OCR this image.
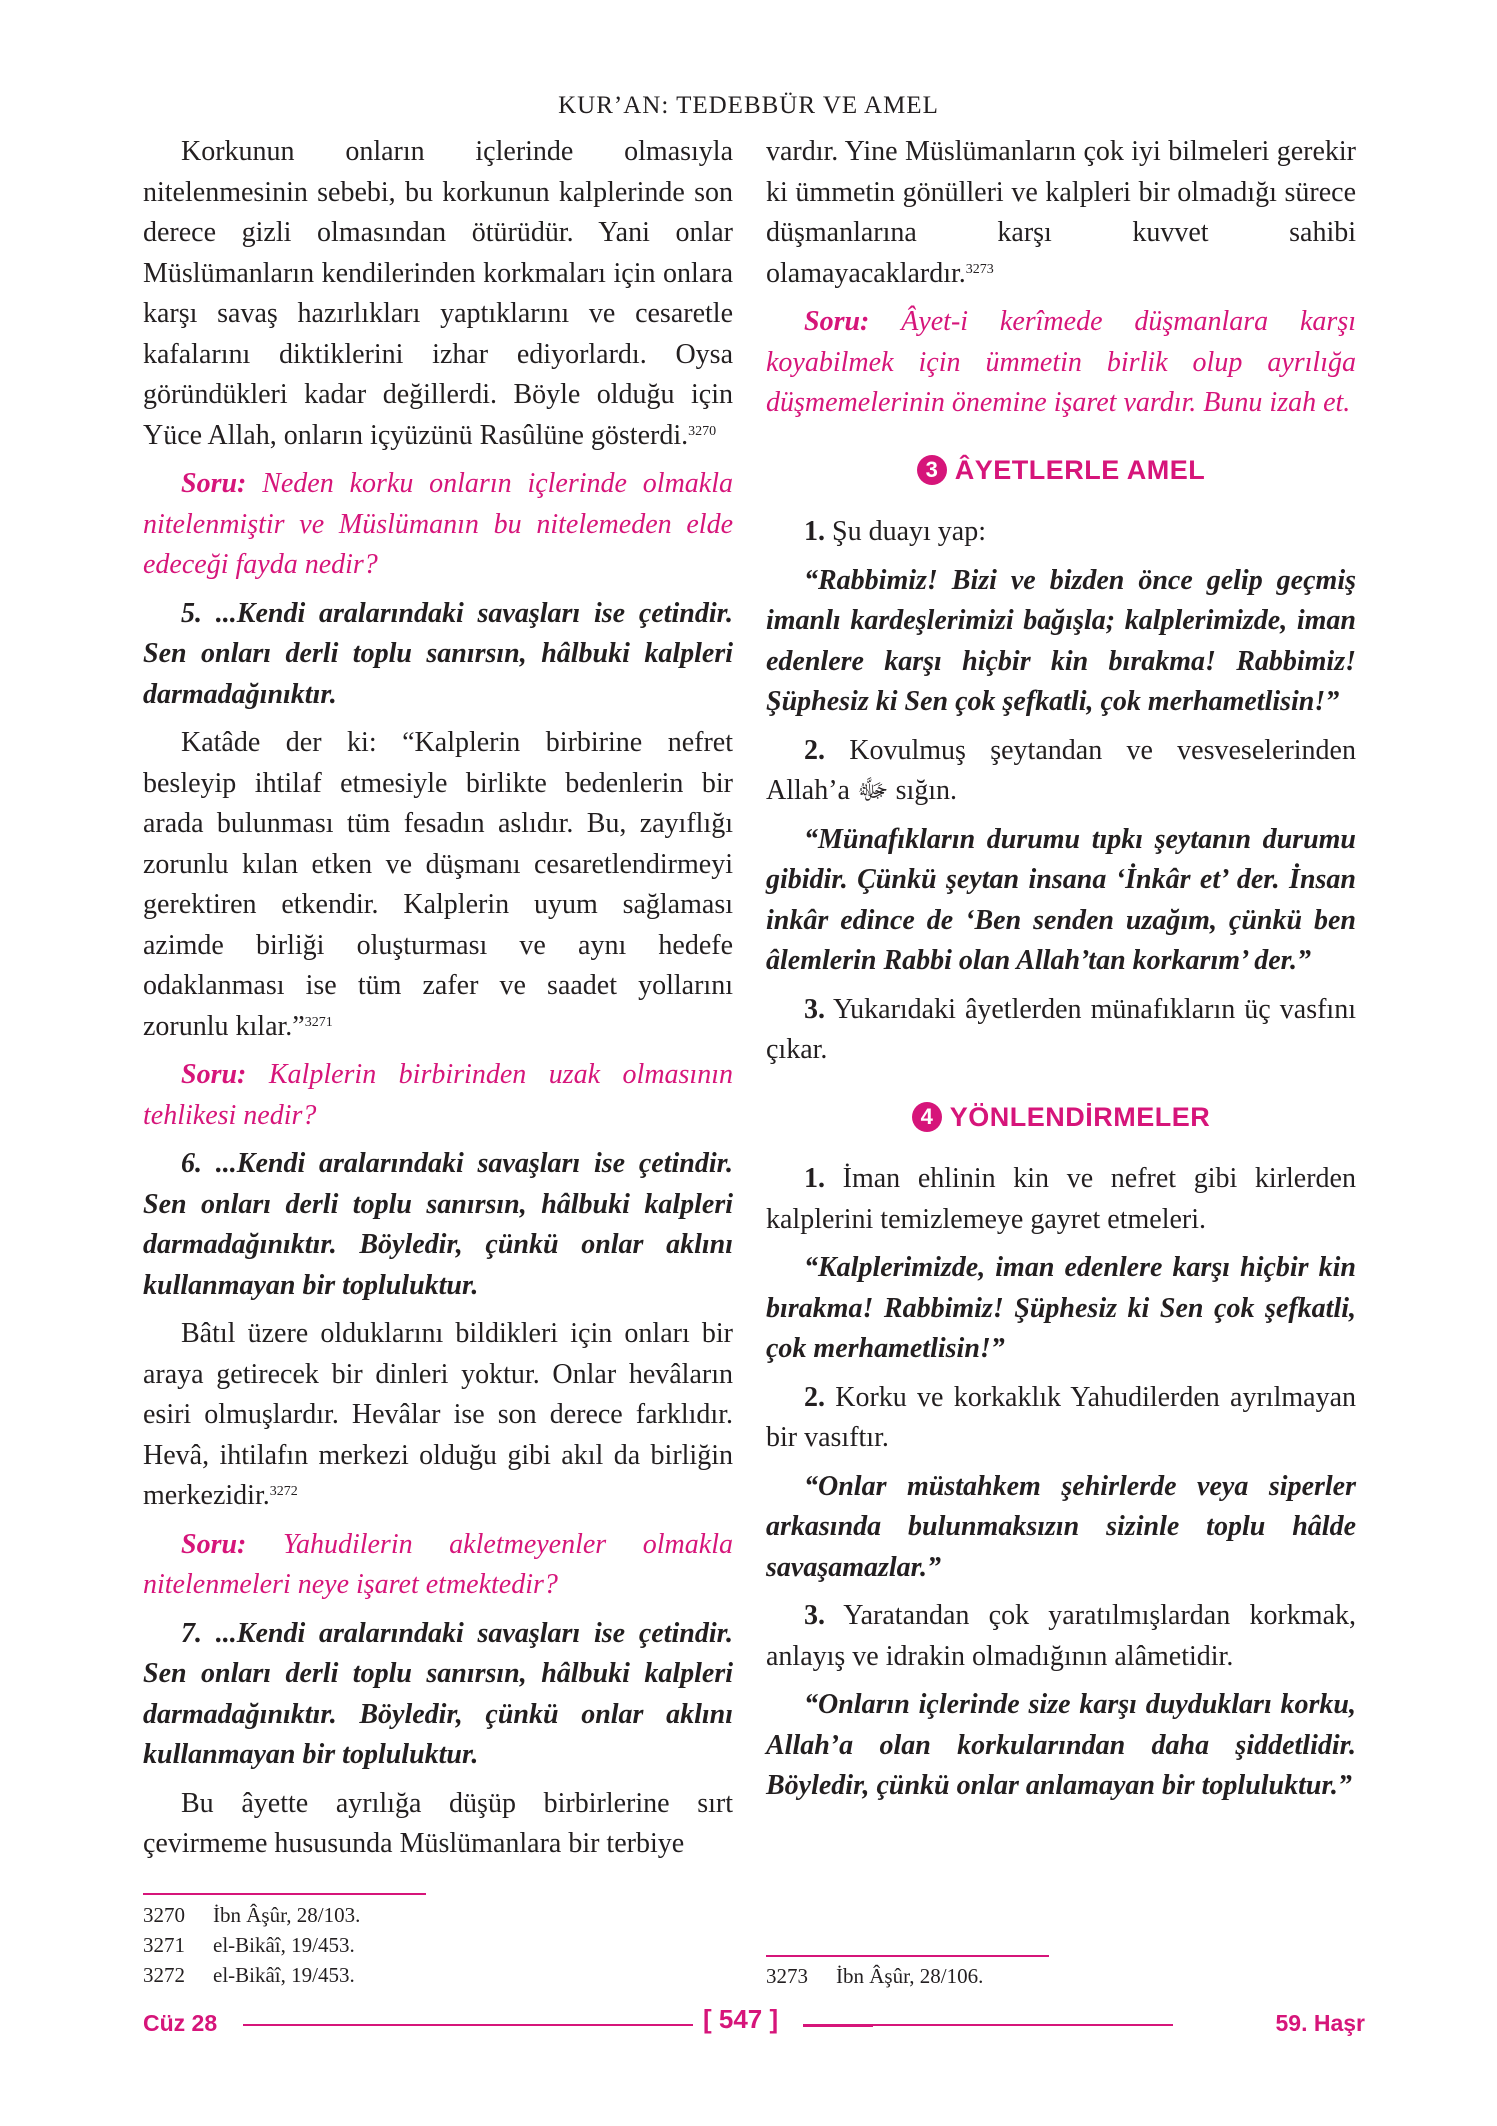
KUR’AN: TEDEBBÜR VE AMEL

Korkunun onların içlerinde olmasıyla nitelenmesinin sebebi, bu korkunun kalplerinde son derece gizli olmasından ötürüdür. Yani onlar Müslümanların kendilerinden korkmaları için onlara karşı savaş hazırlıkları yaptıklarını ve cesaretle kafalarını diktiklerini izhar ediyorlardı. Oysa göründükleri kadar değillerdi. Böyle olduğu için Yüce Allah, onların içyüzünü Rasûlüne gösterdi.$^{3270}$

Soru: Neden korku onların içlerinde olmakla nitelenmiştir ve Müslümanın bu nitelemeden elde edeceği fayda nedir?

5. ...Kendi aralarındaki savaşları ise çetindir. Sen onları derli toplu sanırsın, hâlbuki kalpleri darmadağınıktır.

Katâde der ki: “Kalplerin birbirine nefret besleyip ihtilaf etmesiyle birlikte bedenlerin bir arada bulunması tüm fesadın aslıdır. Bu, zayıflığı zorunlu kılan etken ve düşmanı cesaretlendirmeyi gerektiren etkendir. Kalplerin uyum sağlaması azimde birliği oluşturması ve aynı hedefe odaklanması ise tüm zafer ve saadet yollarını zorunlu kılar.”$^{3271}$

Soru: Kalplerin birbirinden uzak olmasının tehlikesi nedir?

6. ...Kendi aralarındaki savaşları ise çetindir. Sen onları derli toplu sanırsın, hâlbuki kalpleri darmadağınıktır. Böyledir, çünkü onlar aklını kullanmayan bir topluluktur.

Bâtıl üzere olduklarını bildikleri için onları bir araya getirecek bir dinleri yoktur. Onlar hevâların esiri olmuşlardır. Hevâlar ise son derece farklıdır. Hevâ, ihtilafın merkezi olduğu gibi akıl da birliğin merkezidir.$^{3272}$

Soru: Yahudilerin akletmeyenler olmakla nitelenmeleri neye işaret etmektedir?

7. ...Kendi aralarındaki savaşları ise çetindir. Sen onları derli toplu sanırsın, hâlbuki kalpleri darmadağınıktır. Böyledir, çünkü onlar aklını kullanmayan bir topluluktur.

Bu âyette ayrılığa düşüp birbirlerine sırt çevirmeme hususunda Müslümanlara bir terbiye

vardır. Yine Müslümanların çok iyi bilmeleri gerekir ki ümmetin gönülleri ve kalpleri bir olmadığı sürece düşmanlarına karşı kuvvet sahibi olamayacaklardır.$^{3273}$

Soru: Âyet-i kerîmede düşmanlara karşı koyabilmek için ümmetin birlik olup ayrılığa düşmemelerinin önemine işaret vardır. Bunu izah et.

3 ÂYETLERLE AMEL

1. Şu duayı yap:

“Rabbimiz! Bizi ve bizden önce gelip geçmiş imanlı kardeşlerimizi bağışla; kalplerimizde, iman edenlere karşı hiçbir kin bırakma! Rabbimiz! Şüphesiz ki Sen çok şefkatli, çok merhametlisin!”

2. Kovulmuş şeytandan ve vesveselerinden Allah’a ﷻ sığın.

“Münafıkların durumu tıpkı şeytanın durumu gibidir. Çünkü şeytan insana ‘İnkâr et’ der. İnsan inkâr edince de ‘Ben senden uzağım, çünkü ben âlemlerin Rabbi olan Allah’tan korkarım’ der.”

3. Yukarıdaki âyetlerden münafıkların üç vasfını çıkar.

4 YÖNLENDİRMELER

1. İman ehlinin kin ve nefret gibi kirlerden kalplerini temizlemeye gayret etmeleri.

“Kalplerimizde, iman edenlere karşı hiçbir kin bırakma! Rabbimiz! Şüphesiz ki Sen çok şefkatli, çok merhametlisin!”

2. Korku ve korkaklık Yahudilerden ayrılmayan bir vasıftır.

“Onlar müstahkem şehirlerde veya siperler arkasında bulunmaksızın sizinle toplu hâlde savaşamazlar.”

3. Yaratandan çok yaratılmışlardan korkmak, anlayış ve idrakin olmadığının alâmetidir.

“Onların içlerinde size karşı duydukları korku, Allah’a olan korkularından daha şiddetlidir. Böyledir, çünkü onlar anlamayan bir topluluktur.”

3270	İbn Âşûr, 28/103.
3271	el-Bikâî, 19/453.
3272	el-Bikâî, 19/453.	3273	İbn Âşûr, 28/106.
Cüz 28	[ 547 ]	59. Haşr
